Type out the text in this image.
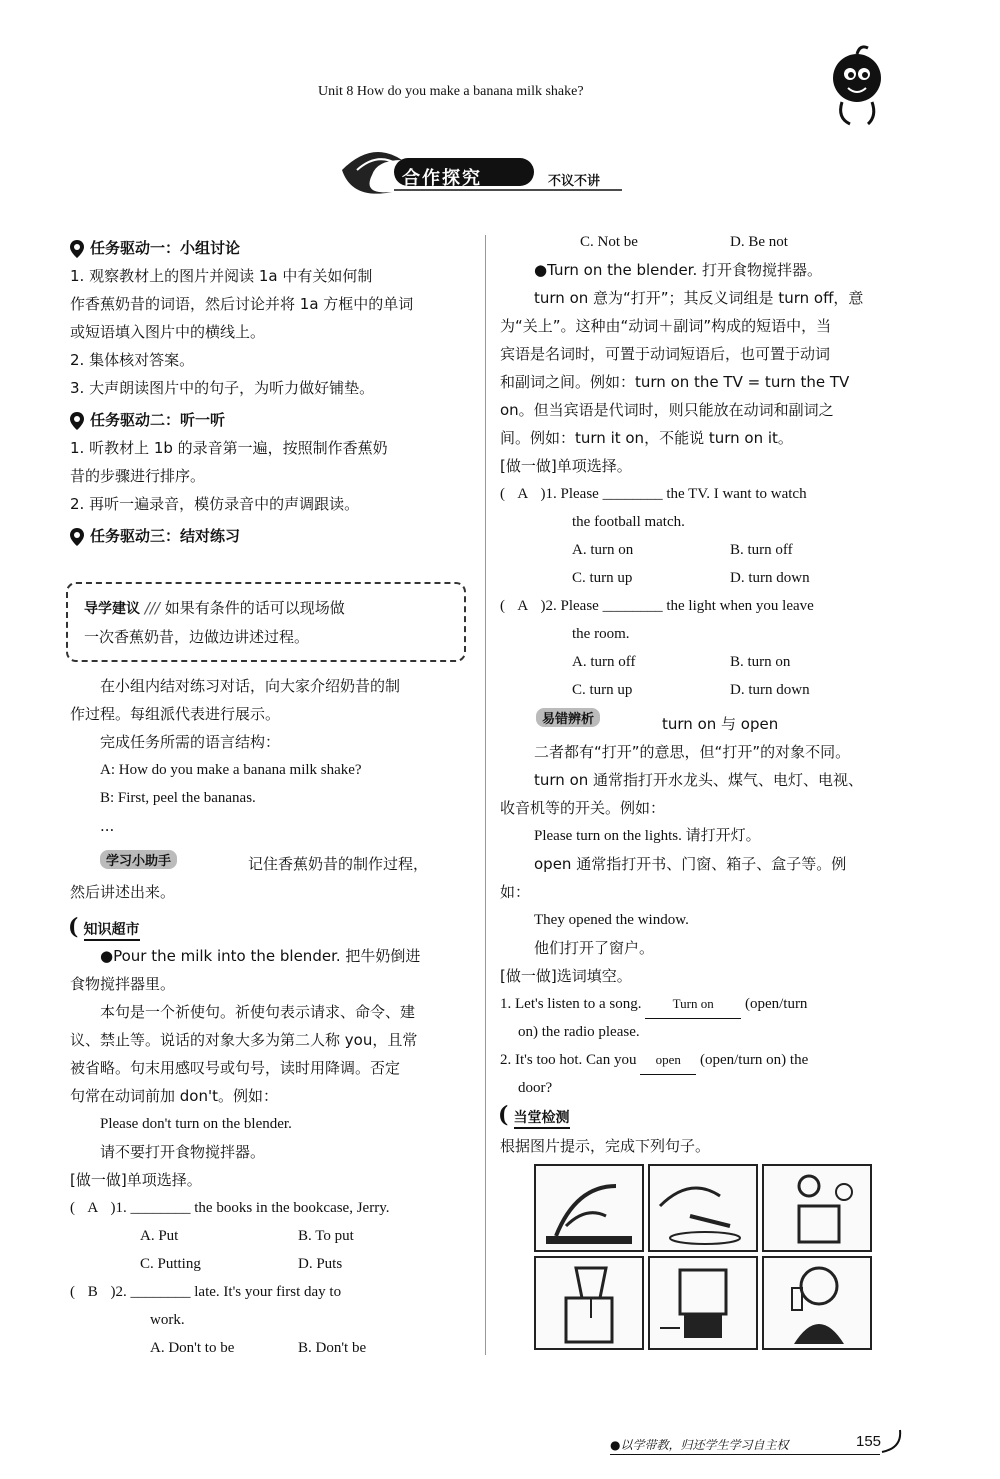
Unit 8 How do you make a banana milk shake?
合作探究	不议不讲
任务驱动一：小组讨论
1. 观察教材上的图片并阅读 1a 中有关如何制
作香蕉奶昔的词语，然后讨论并将 1a 方框中的单词
或短语填入图片中的横线上。
2. 集体核对答案。
3. 大声朗读图片中的句子，为听力做好铺垫。
任务驱动二：听一听
1. 听教材上 1b 的录音第一遍，按照制作香蕉奶
昔的步骤进行排序。
2. 再听一遍录音，模仿录音中的声调跟读。
任务驱动三：结对练习
导学建议 /// 如果有条件的话可以现场做
一次香蕉奶昔，边做边讲述过程。
在小组内结对练习对话，向大家介绍奶昔的制
作过程。每组派代表进行展示。
完成任务所需的语言结构：
A: How do you make a banana milk shake?
B: First, peel the bananas.
...
学习小助手	记住香蕉奶昔的制作过程，
然后讲述出来。
( 知识超市
●Pour the milk into the blender. 把牛奶倒进
食物搅拌器里。
本句是一个祈使句。祈使句表示请求、命令、建
议、禁止等。说话的对象大多为第二人称 you，且常
被省略。句末用感叹号或句号，读时用降调。否定
句常在动词前加 don't。例如：
Please don't turn on the blender.
请不要打开食物搅拌器。
[做一做]单项选择。
( A )1. ________ the books in the bookcase, Jerry.
A. Put	B. To put
C. Putting	D. Puts
( B )2. ________ late. It's your first day to
work.
A. Don't to be	B. Don't be
C. Not be	D. Be not
●Turn on the blender. 打开食物搅拌器。
turn on 意为“打开”；其反义词组是 turn off，意
为“关上”。这种由“动词＋副词”构成的短语中，当
宾语是名词时，可置于动词短语后，也可置于动词
和副词之间。例如：turn on the TV = turn the TV
on。但当宾语是代词时，则只能放在动词和副词之
间。例如：turn it on，不能说 turn on it。
[做一做]单项选择。
( A )1. Please ________ the TV. I want to watch
the football match.
A. turn on	B. turn off
C. turn up	D. turn down
( A )2. Please ________ the light when you leave
the room.
A. turn off	B. turn on
C. turn up	D. turn down
易错辨析	turn on 与 open
二者都有“打开”的意思，但“打开”的对象不同。
turn on 通常指打开水龙头、煤气、电灯、电视、
收音机等的开关。例如：
Please turn on the lights. 请打开灯。
open 通常指打开书、门窗、箱子、盒子等。例
如：
They opened the window.
他们打开了窗户。
[做一做]选词填空。
1. Let's listen to a song. Turn on (open/turn
on) the radio please.
2. It's too hot. Can you open (open/turn on) the
door?
( 当堂检测
根据图片提示，完成下列句子。
●以学带教，归还学生学习自主权	155
